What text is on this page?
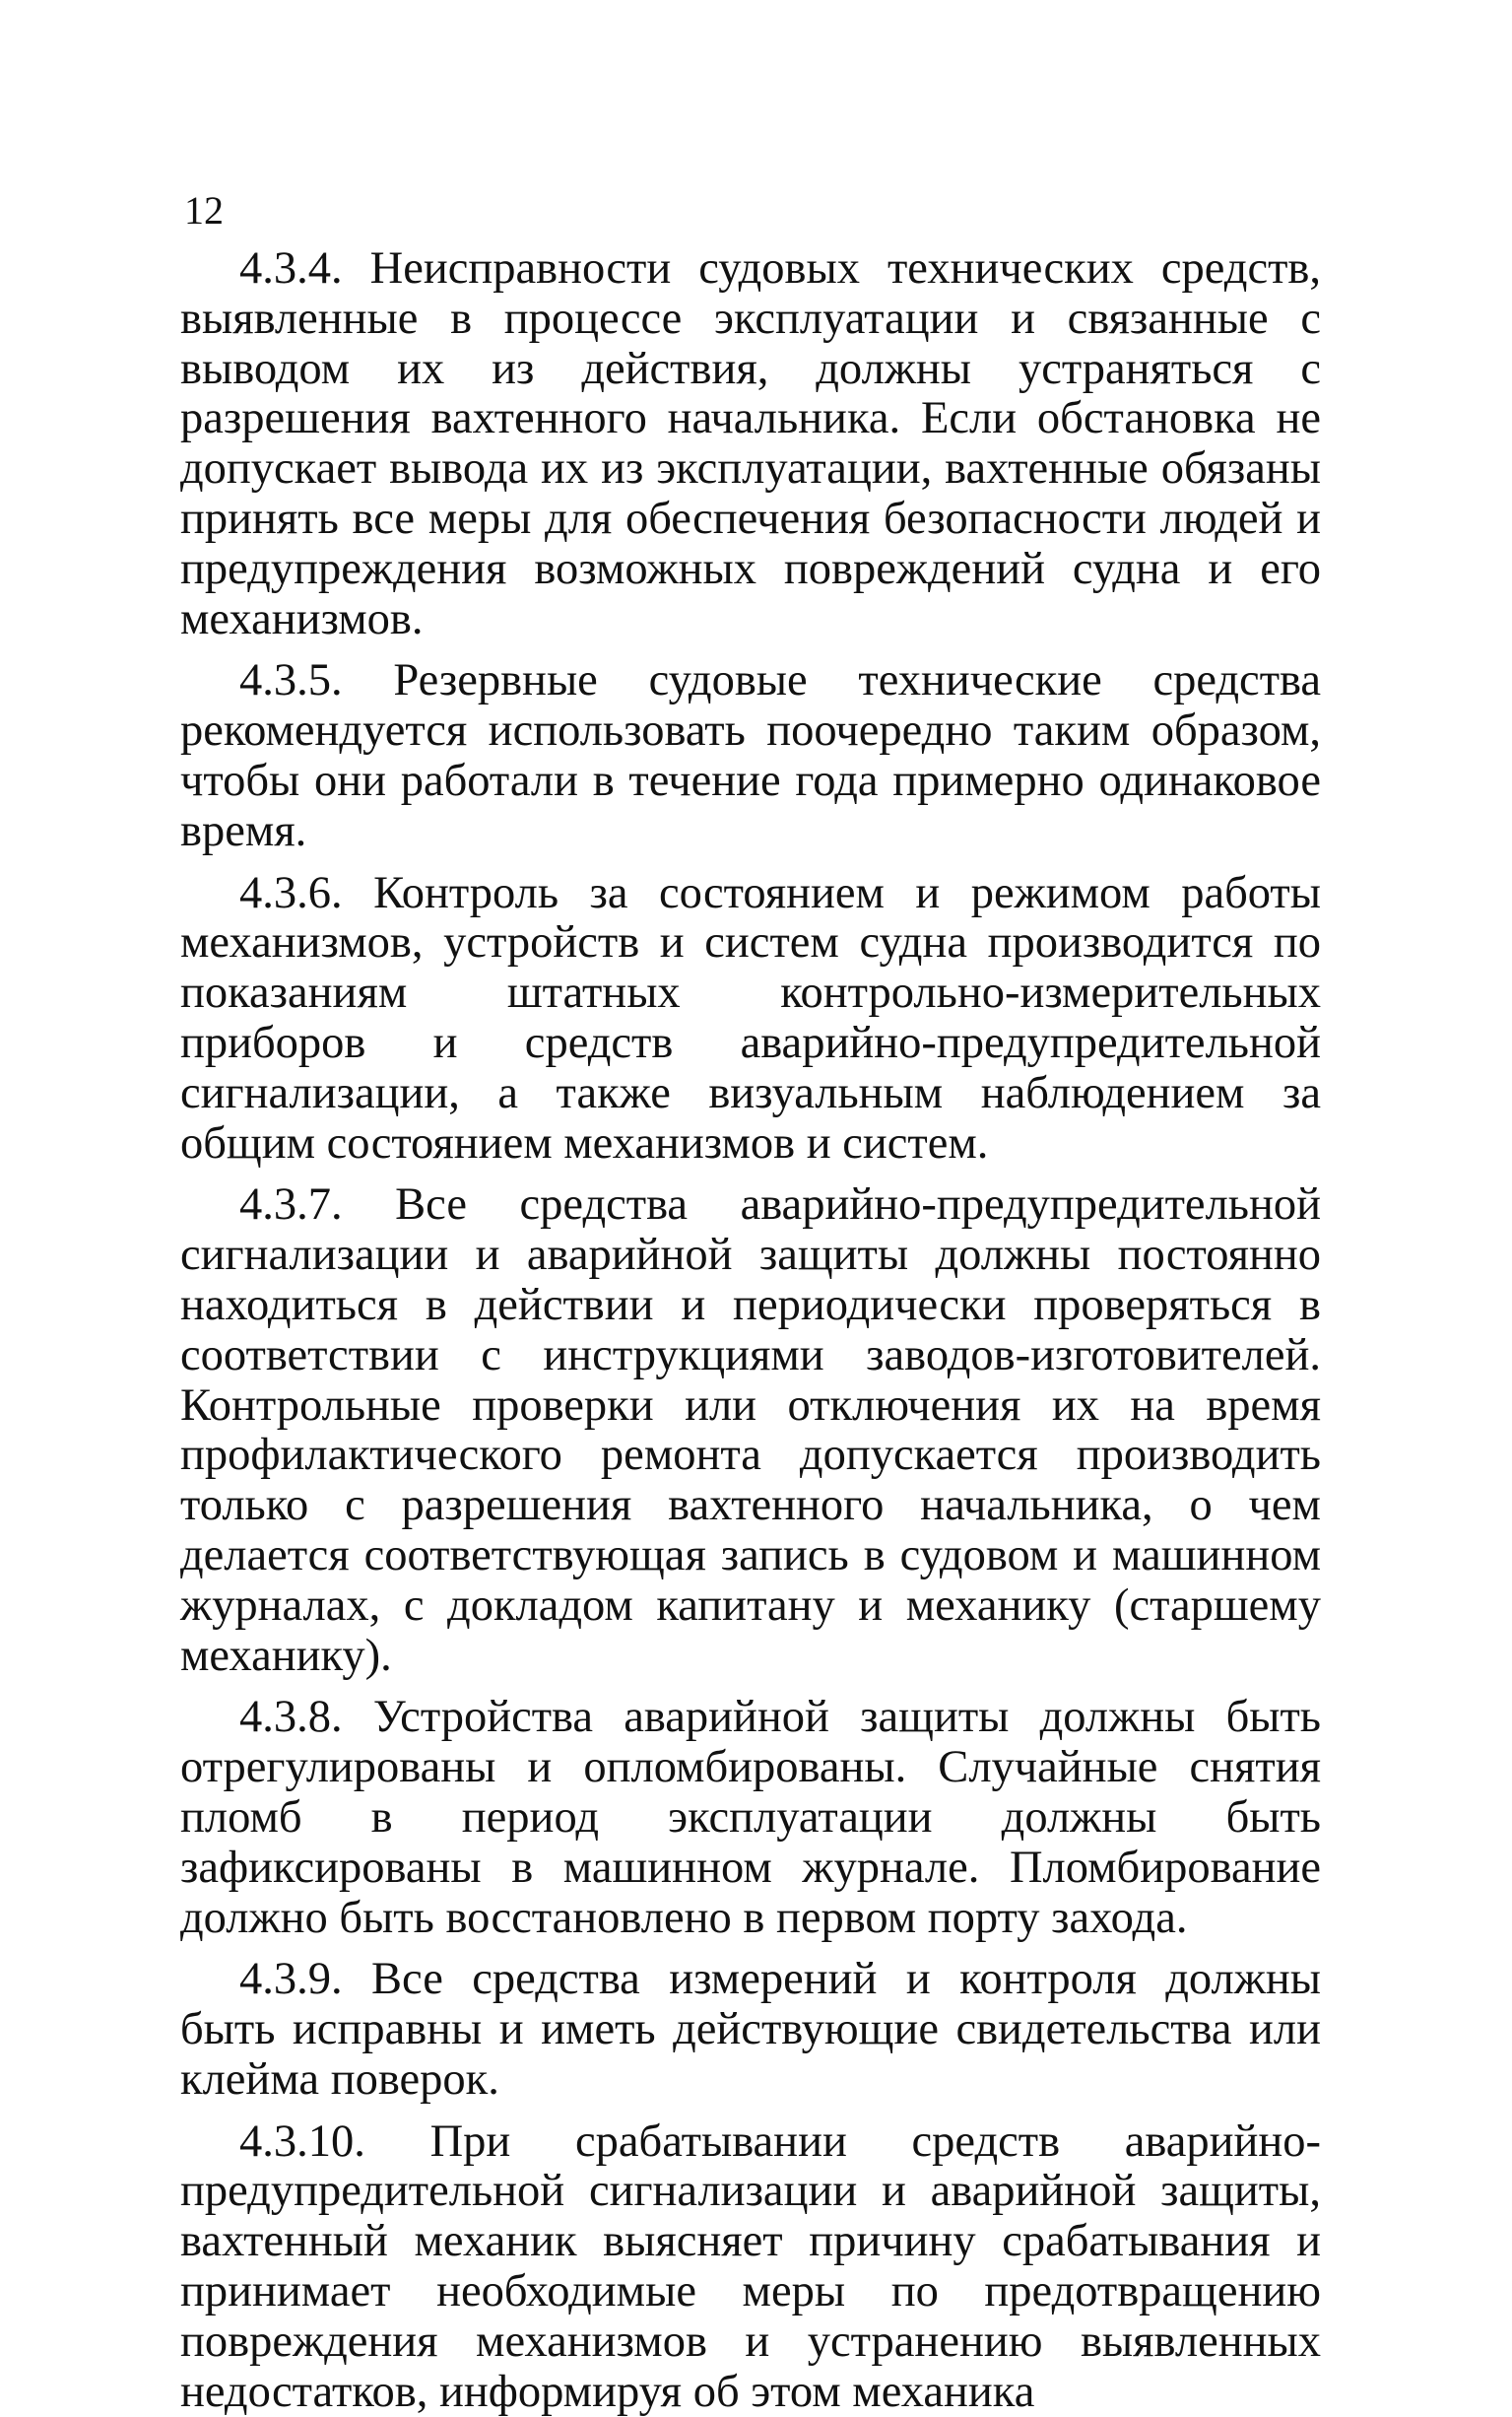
12

4.3.4. Неисправности судовых технических средств, выявленные в процессе эксплуатации и связанные с выводом их из действия, должны устраняться с разрешения вахтенного начальника. Если обстановка не допускает вывода их из эксплуатации, вахтенные обязаны принять все меры для обеспечения безопасности людей и предупреждения возможных повреждений судна и его механизмов.

4.3.5. Резервные судовые технические средства рекомендуется использовать поочередно таким образом, чтобы они работали в течение года примерно одинаковое время.

4.3.6. Контроль за состоянием и режимом работы механизмов, устройств и систем судна производится по показаниям штатных контрольно-измерительных приборов и средств аварийно-предупредительной сигнализации, а также визуальным наблюдением за общим состоянием механизмов и систем.

4.3.7. Все средства аварийно-предупредительной сигнализации и аварийной защиты должны постоянно находиться в действии и периодически проверяться в соответствии с инструкциями заводов-изготовителей. Контрольные проверки или отключения их на время профилактического ремонта допускается производить только с разрешения вахтенного начальника, о чем делается соответствующая запись в судовом и машинном журналах, с докладом капитану и механику (старшему механику).

4.3.8. Устройства аварийной защиты должны быть отрегулированы и опломбированы. Случайные снятия пломб в период эксплуатации должны быть зафиксированы в машинном журнале. Пломбирование должно быть восстановлено в первом порту захода.

4.3.9. Все средства измерений и контроля должны быть исправны и иметь действующие свидетельства или клейма поверок.

4.3.10. При срабатывании средств аварийно-предупредительной сигнализации и аварийной защиты, вахтенный механик выясняет причину срабатывания и принимает необходимые меры по предотвращению повреждения механизмов и устранению выявленных недостатков, информируя об этом механика
